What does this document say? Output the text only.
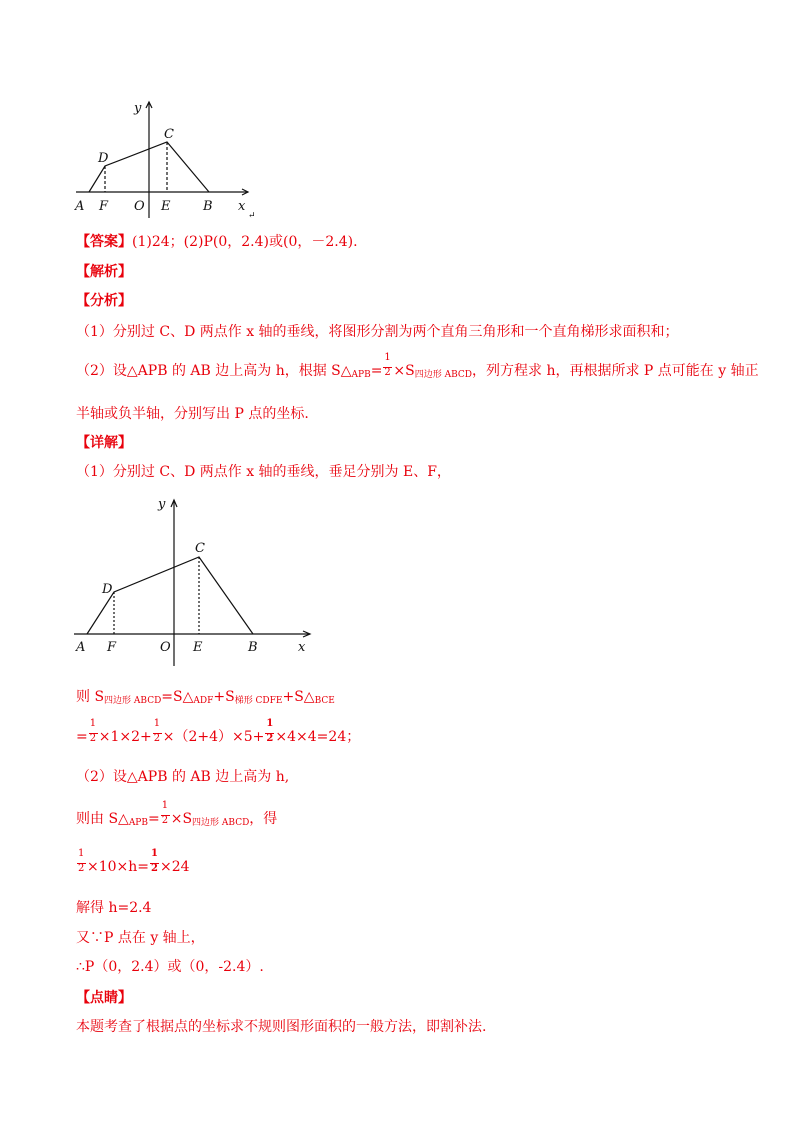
y
C
D
A F O E	B x
↵
【答案】(1)24；(2)P(0，2.4)或(0，－2.4).
【解析】
【分析】
（1）分别过 C、D 两点作 x 轴的垂线，将图形分割为两个直角三角形和一个直角梯形求面积和；
（2）设△APB 的 AB 边上高为 h，根据 $S\triangle_{APB}= \frac{1}{2} \times S_{四边形 ABCD}$，列方程求 h，再根据所求 P 点可能在 y 轴正
半轴或负半轴，分别写出 P 点的坐标.
【详解】
（1）分别过 C、D 两点作 x 轴的垂线，垂足分别为 E、F，
y
C
D
A F	O E	B	x
则 $S_{四边形 ABCD}=S\triangle_{ADF}+S_{梯形 CDFE}+S\triangle_{BCE}$
= $\frac{1}{2} \times 1\times 2+ \frac{1}{2} \times(2+4)\times 5+ \frac{1}{2} \times 4\times 4=24$；
（2）设△APB 的 AB 边上高为 h,
则由 $S\triangle_{APB}= \frac{1}{2} \times S_{四边形 ABCD}$，得
$\frac{1}{2} \times 10\times h= \frac{1}{2} \times 24$
解得 h=2.4
又∵P 点在 y 轴上，
∴P（0，2.4）或（0，-2.4）.
【点睛】
本题考查了根据点的坐标求不规则图形面积的一般方法，即割补法.
